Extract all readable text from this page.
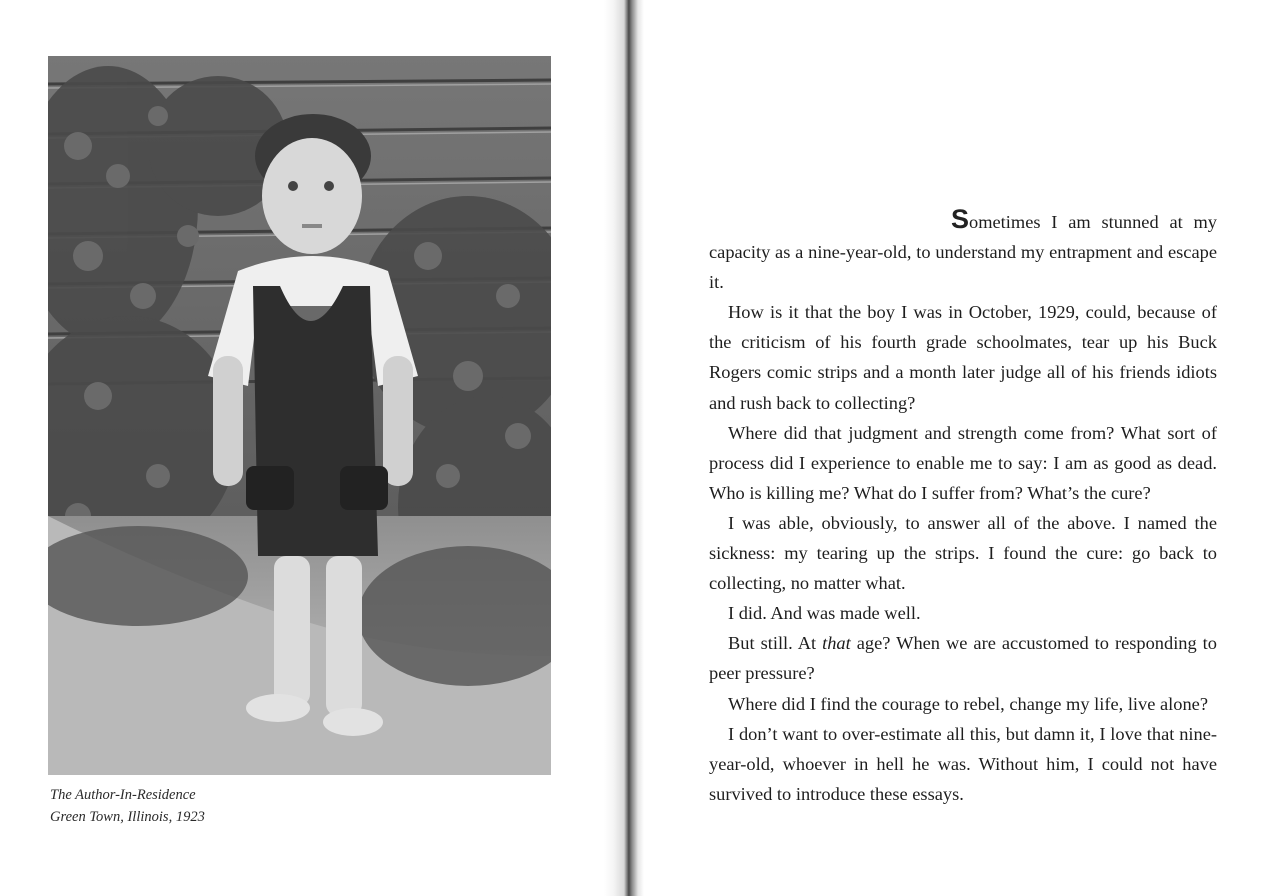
The Author-In-Residence
Green Town, Illinois, 1923

Sometimes I am stunned at my capacity as a nine-year-old, to understand my entrapment and escape it.

How is it that the boy I was in October, 1929, could, because of the criticism of his fourth grade schoolmates, tear up his Buck Rogers comic strips and a month later judge all of his friends idiots and rush back to collecting?

Where did that judgment and strength come from? What sort of process did I experience to enable me to say: I am as good as dead. Who is killing me? What do I suffer from? What’s the cure?

I was able, obviously, to answer all of the above. I named the sickness: my tearing up the strips. I found the cure: go back to collecting, no matter what.

I did. And was made well.

But still. At that age? When we are accustomed to responding to peer pressure?

Where did I find the courage to rebel, change my life, live alone?

I don’t want to over-estimate all this, but damn it, I love that nine-year-old, whoever in hell he was. Without him, I could not have survived to introduce these essays.
